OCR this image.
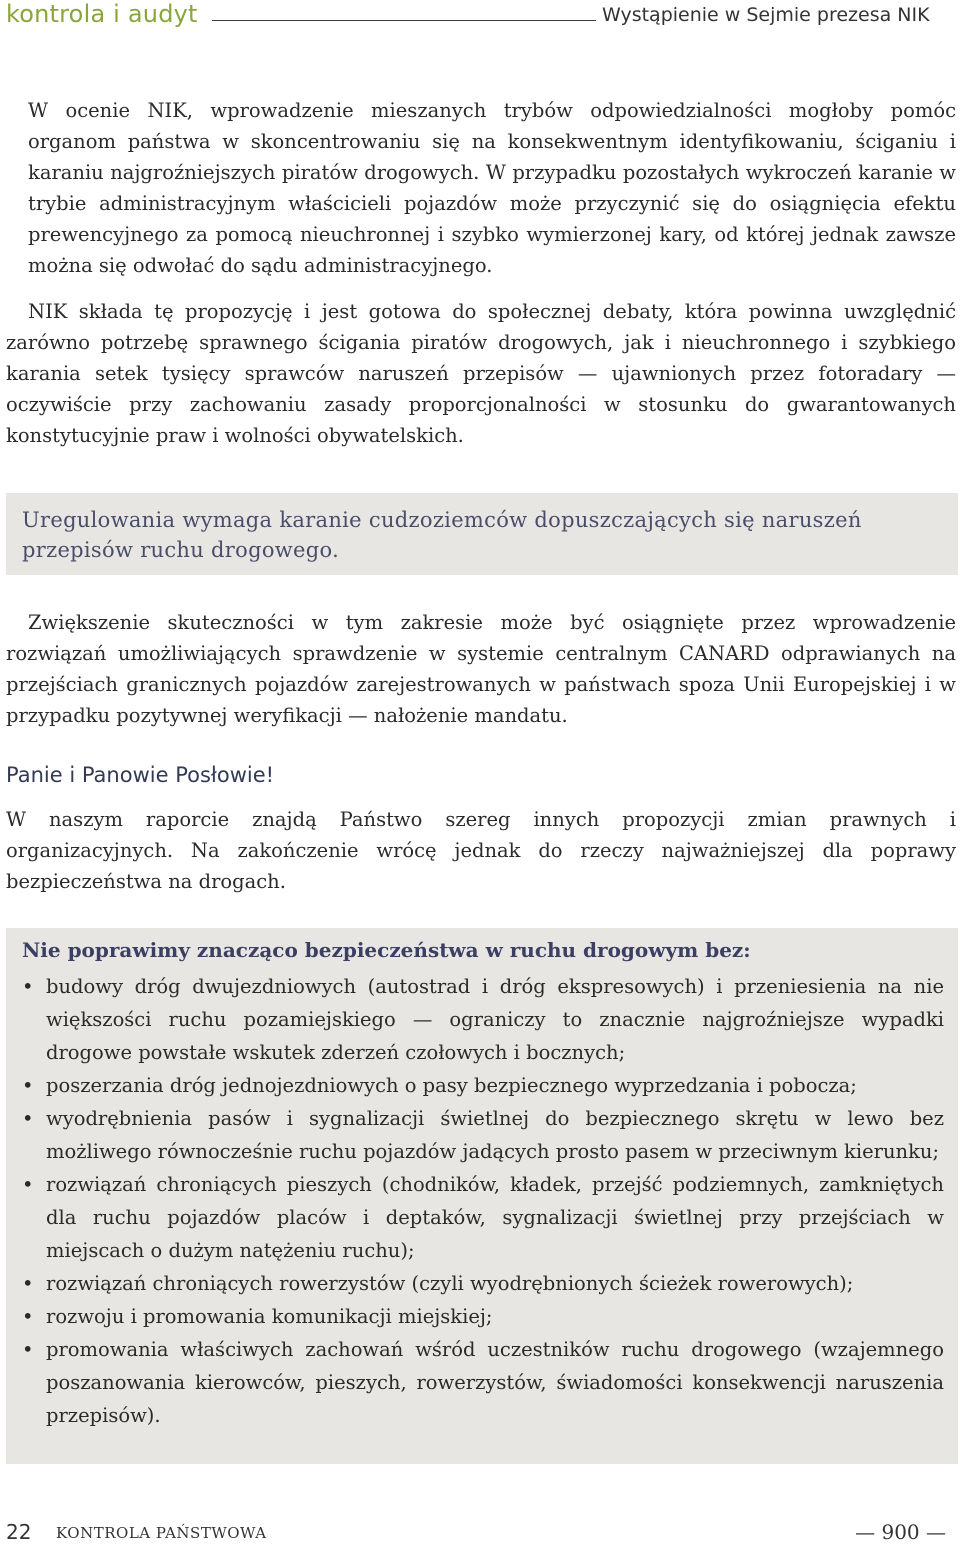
kontrola i audyt	Wystąpienie w Sejmie prezesa NIK

W ocenie NIK, wprowadzenie mieszanych trybów odpowiedzialności mogłoby pomóc organom państwa w skoncentrowaniu się na konsekwentnym identyfikowaniu, ściganiu i karaniu najgroźniejszych piratów drogowych. W przypadku pozostałych wykroczeń karanie w trybie administracyjnym właścicieli pojazdów może przyczynić się do osiągnięcia efektu prewencyjnego za pomocą nieuchronnej i szybko wymierzonej kary, od której jednak zawsze można się odwołać do sądu administracyjnego.

NIK składa tę propozycję i jest gotowa do społecznej debaty, która powinna uwzględnić zarówno potrzebę sprawnego ścigania piratów drogowych, jak i nieuchronnego i szybkiego karania setek tysięcy sprawców naruszeń przepisów — ujawnionych przez fotoradary — oczywiście przy zachowaniu zasady proporcjonalności w stosunku do gwarantowanych konstytucyjnie praw i wolności obywatelskich.

Uregulowania wymaga karanie cudzoziemców dopuszczających się naruszeń przepisów ruchu drogowego.

Zwiększenie skuteczności w tym zakresie może być osiągnięte przez wprowadzenie rozwiązań umożliwiających sprawdzenie w systemie centralnym CANARD odprawianych na przejściach granicznych pojazdów zarejestrowanych w państwach spoza Unii Europejskiej i w przypadku pozytywnej weryfikacji — nałożenie mandatu.

Panie i Panowie Posłowie!

W naszym raporcie znajdą Państwo szereg innych propozycji zmian prawnych i organizacyjnych. Na zakończenie wrócę jednak do rzeczy najważniejszej dla poprawy bezpieczeństwa na drogach.

Nie poprawimy znacząco bezpieczeństwa w ruchu drogowym bez:
• budowy dróg dwujezdniowych (autostrad i dróg ekspresowych) i przeniesienia na nie większości ruchu pozamiejskiego — ograniczy to znacznie najgroźniejsze wypadki drogowe powstałe wskutek zderzeń czołowych i bocznych;
• poszerzania dróg jednojezdniowych o pasy bezpiecznego wyprzedzania i pobocza;
• wyodrębnienia pasów i sygnalizacji świetlnej do bezpiecznego skrętu w lewo bez możliwego równocześnie ruchu pojazdów jadących prosto pasem w przeciwnym kierunku;
• rozwiązań chroniących pieszych (chodników, kładek, przejść podziemnych, zamkniętych dla ruchu pojazdów placów i deptaków, sygnalizacji świetlnej przy przejściach w miejscach o dużym natężeniu ruchu);
• rozwiązań chroniących rowerzystów (czyli wyodrębnionych ścieżek rowerowych);
• rozwoju i promowania komunikacji miejskiej;
• promowania właściwych zachowań wśród uczestników ruchu drogowego (wzajemnego poszanowania kierowców, pieszych, rowerzystów, świadomości konsekwencji naruszenia przepisów).
22 KONTROLA PAŃSTWOWA	— 900 —
